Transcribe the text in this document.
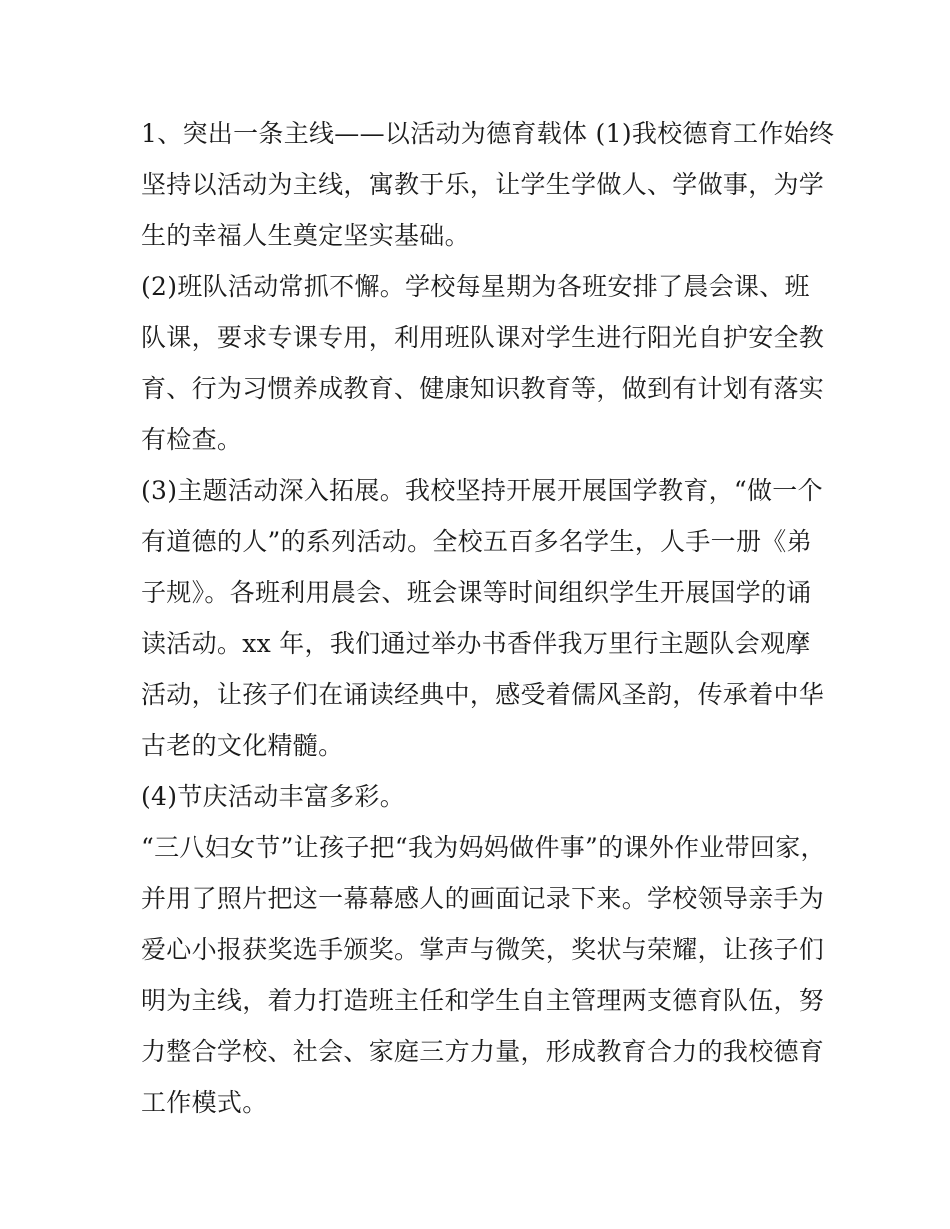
1、突出一条主线——以活动为德育载体 (1)我校德育工作始终
坚持以活动为主线，寓教于乐，让学生学做人、学做事，为学
生的幸福人生奠定坚实基础。
(2)班队活动常抓不懈。学校每星期为各班安排了晨会课、班
队课，要求专课专用，利用班队课对学生进行阳光自护安全教
育、行为习惯养成教育、健康知识教育等，做到有计划有落实
有检查。
(3)主题活动深入拓展。我校坚持开展开展国学教育，“做一个
有道德的人”的系列活动。全校五百多名学生，人手一册《弟
子规》。各班利用晨会、班会课等时间组织学生开展国学的诵
读活动。xx 年，我们通过举办书香伴我万里行主题队会观摩
活动，让孩子们在诵读经典中，感受着儒风圣韵，传承着中华
古老的文化精髓。
(4)节庆活动丰富多彩。
“三八妇女节”让孩子把“我为妈妈做件事”的课外作业带回家，
并用了照片把这一幕幕感人的画面记录下来。学校领导亲手为
爱心小报获奖选手颁奖。掌声与微笑，奖状与荣耀，让孩子们
明为主线，着力打造班主任和学生自主管理两支德育队伍，努
力整合学校、社会、家庭三方力量，形成教育合力的我校德育
工作模式。
